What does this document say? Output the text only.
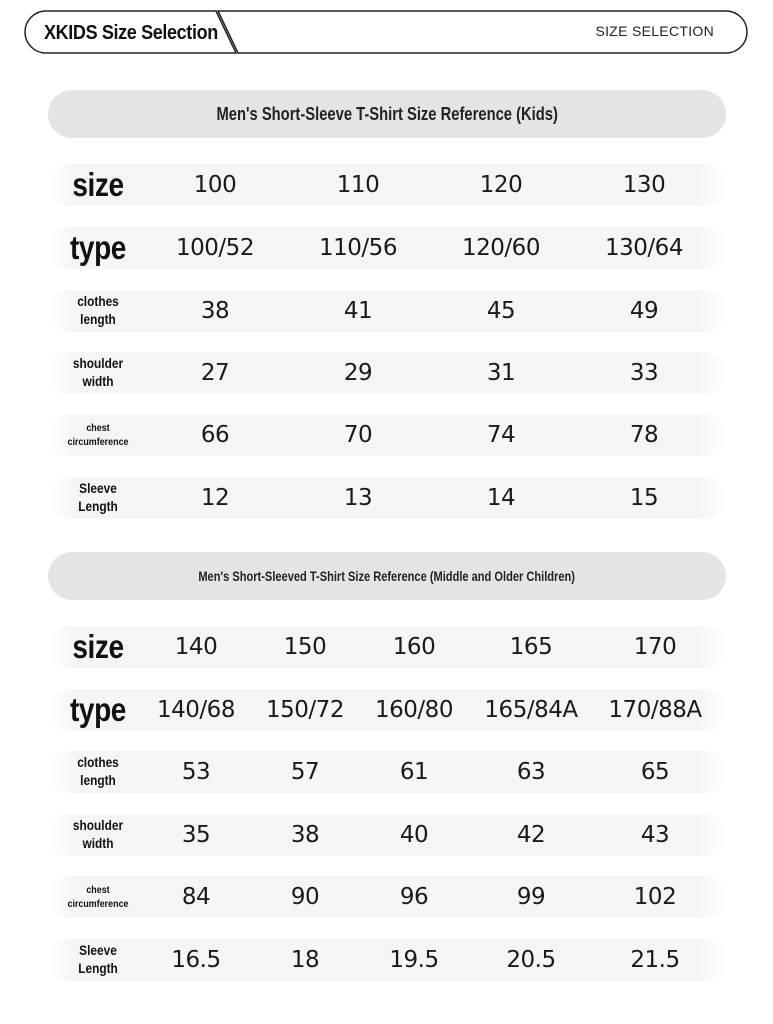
XKIDS Size Selection	SIZE SELECTION
Men's Short-Sleeve T-Shirt Size Reference (Kids)
size	100	110	120	130
type	100/52	110/56	120/60	130/64
clothes
length	38	41	45	49
shoulder
width	27	29	31	33
chest
circumference	66	70	74	78
Sleeve
Length	12	13	14	15
Men's Short-Sleeved T-Shirt Size Reference (Middle and Older Children)
size	140	150	160	165	170
type	140/68	150/72	160/80	165/84A	170/88A
clothes
length	53	57	61	63	65
shoulder
width	35	38	40	42	43
chest
circumference	84	90	96	99	102
Sleeve
Length	16.5	18	19.5	20.5	21.5
